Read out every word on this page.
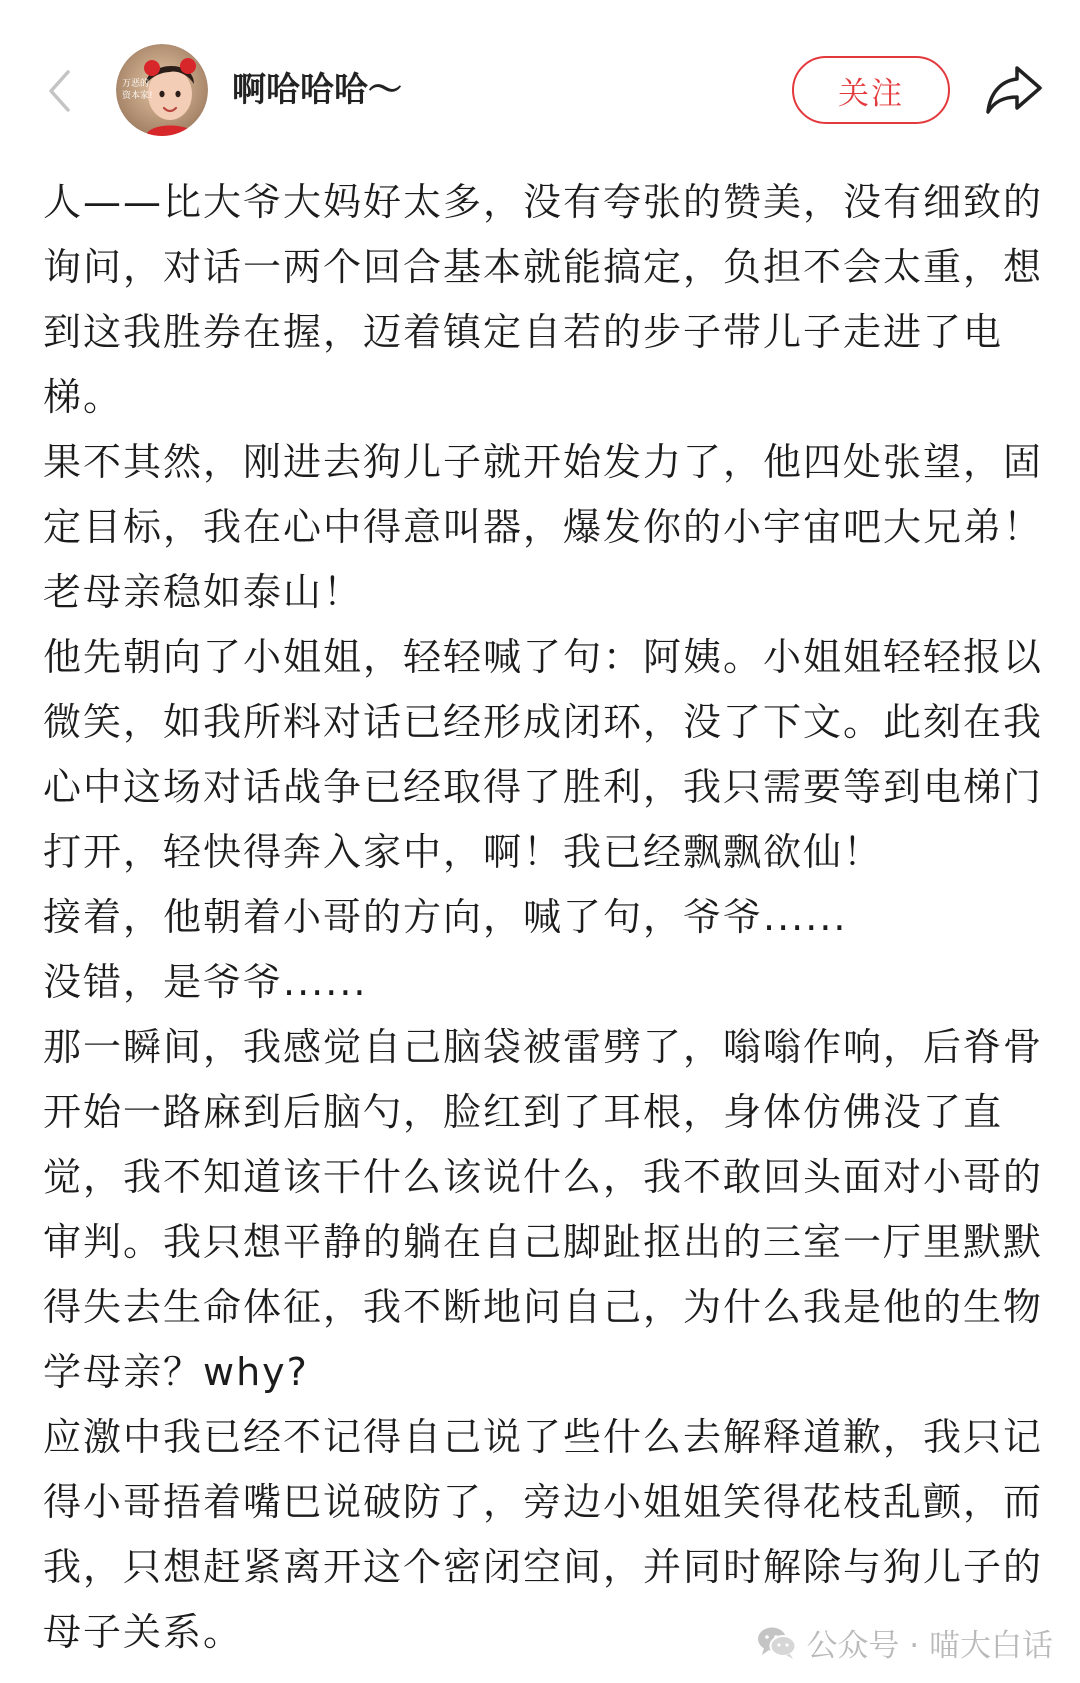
万恶的
资本家! 啊哈哈哈～	关注

人——比大爷大妈好太多，没有夸张的赞美，没有细致的询问，对话一两个回合基本就能搞定，负担不会太重，想到这我胜券在握，迈着镇定自若的步子带儿子走进了电梯。

果不其然，刚进去狗儿子就开始发力了，他四处张望，固定目标，我在心中得意叫器，爆发你的小宇宙吧大兄弟！

老母亲稳如泰山！

他先朝向了小姐姐，轻轻喊了句：阿姨。小姐姐轻轻报以微笑，如我所料对话已经形成闭环，没了下文。此刻在我心中这场对话战争已经取得了胜利，我只需要等到电梯门打开，轻快得奔入家中，啊！我已经飘飘欲仙！

接着，他朝着小哥的方向，喊了句，爷爷......

没错，是爷爷......

那一瞬间，我感觉自己脑袋被雷劈了，嗡嗡作响，后脊骨开始一路麻到后脑勺，脸红到了耳根，身体仿佛没了直觉，我不知道该干什么该说什么，我不敢回头面对小哥的审判。我只想平静的躺在自己脚趾抠出的三室一厅里默默得失去生命体征，我不断地问自己，为什么我是他的生物学母亲？why?

应激中我已经不记得自己说了些什么去解释道歉，我只记得小哥捂着嘴巴说破防了，旁边小姐姐笑得花枝乱颤，而我，只想赶紧离开这个密闭空间，并同时解除与狗儿子的母子关系。	公众号 · 喵大白话
